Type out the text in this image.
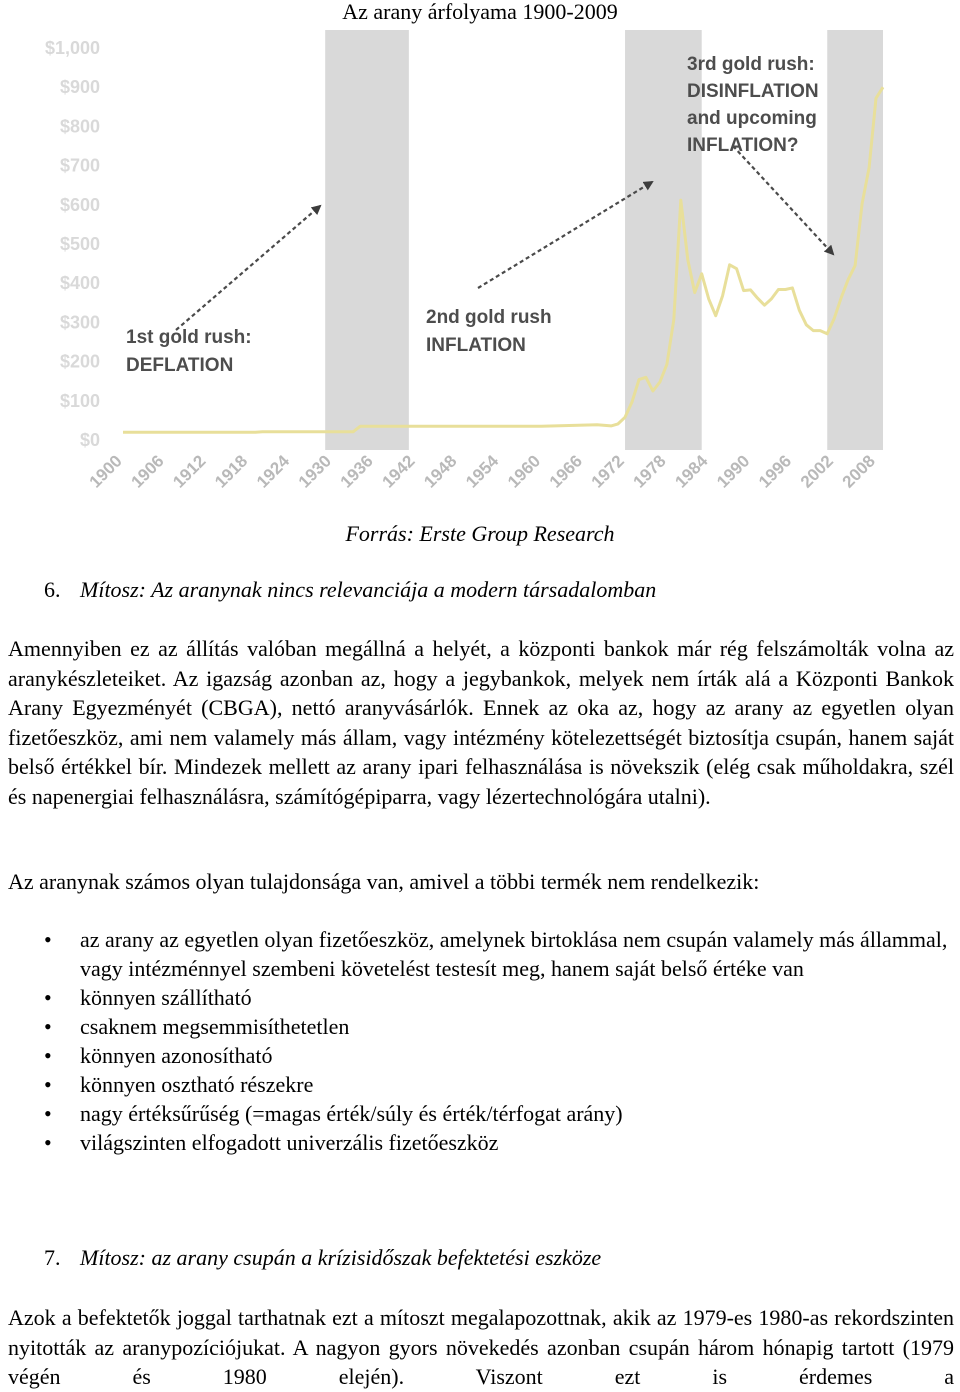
Az arany árfolyama 1900-2009
$0
$100
$200
$300
$400
$500
$600
$700
$800
$900
$1,000
1900 1906 1912 1918 1924 1930 1936 1942 1948 1954 1960 1966 1972 1978 1984 1990 1996 2002 2008
1st gold rush: DEFLATION
2nd gold rush INFLATION
3rd gold rush: DISINFLATION and upcoming INFLATION?
Forrás: Erste Group Research
6. Mítosz: Az aranynak nincs relevanciája a modern társadalomban

Amennyiben ez az állítás valóban megállná a helyét, a központi bankok már rég felszámolták volna az aranykészleteiket. Az igazság azonban az, hogy a jegybankok, melyek nem írták alá a Központi Bankok Arany Egyezményét (CBGA), nettó aranyvásárlók. Ennek az oka az, hogy az arany az egyetlen olyan fizetőeszköz, ami nem valamely más állam, vagy intézmény kötelezettségét biztosítja csupán, hanem saját belső értékkel bír. Mindezek mellett az arany ipari felhasználása is növekszik (elég csak műholdakra, szél és napenergiai felhasználásra, számítógépiparra, vagy lézertechnológára utalni).

Az aranynak számos olyan tulajdonsága van, amivel a többi termék nem rendelkezik:

• az arany az egyetlen olyan fizetőeszköz, amelynek birtoklása nem csupán valamely más állammal, vagy intézménnyel szembeni követelést testesít meg, hanem saját belső értéke van
• könnyen szállítható
• csaknem megsemmisíthetetlen
• könnyen azonosítható
• könnyen osztható részekre
• nagy értéksűrűség (=magas érték/súly és érték/térfogat arány)
• világszinten elfogadott univerzális fizetőeszköz
7. Mítosz: az arany csupán a krízisidőszak befektetési eszköze

Azok a befektetők joggal tarthatnak ezt a mítoszt megalapozottnak, akik az 1979-es 1980-as rekordszinten nyitották az aranypozíciójukat. A nagyon gyors növekedés azonban csupán három hónapig tartott (1979 végén és 1980 elején). Viszont ezt is érdemes a
